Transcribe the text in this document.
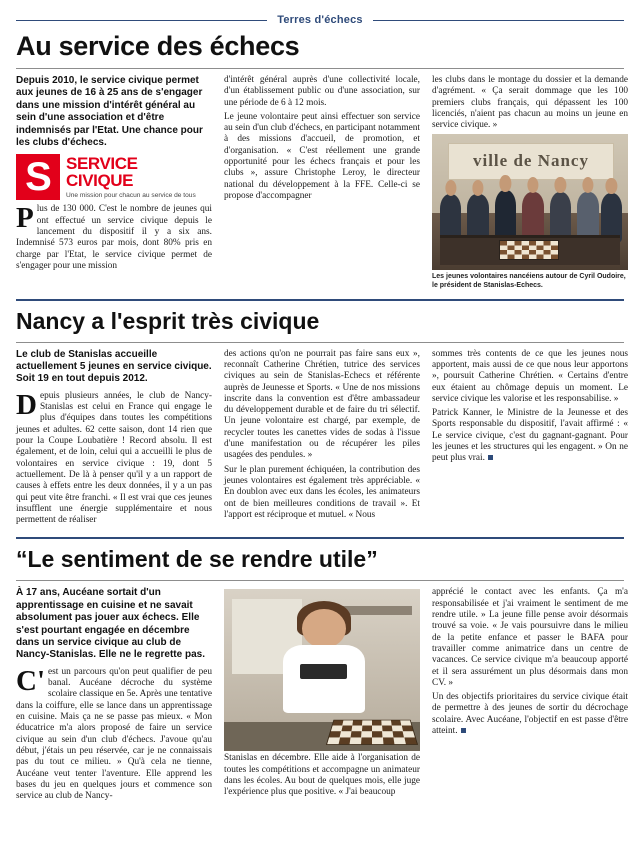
Terres d'échecs
Au service des échecs

Depuis 2010, le service civique permet aux jeunes de 16 à 25 ans de s'engager dans une mission d'intérêt général au sein d'une association et d'être indemnisés par l'Etat. Une chance pour les clubs d'échecs.

S SERVICE
CIVIQUE
Une mission pour chacun au service de tous

Plus de 130 000. C'est le nombre de jeunes qui ont effectué un service civique depuis le lancement du dispositif il y a six ans. Indemnisé 573 euros par mois, dont 80% pris en charge par l'Etat, le service civique permet de s'engager pour une mission

d'intérêt général auprès d'une collectivité locale, d'un établissement public ou d'une association, sur une période de 6 à 12 mois.

Le jeune volontaire peut ainsi effectuer son service au sein d'un club d'échecs, en participant notamment à des missions d'accueil, de promotion, et d'organisation. « C'est réellement une grande opportunité pour les échecs français et pour les clubs », assure Christophe Leroy, le directeur national du développement à la FFE. Celle-ci se propose d'accompagner

les clubs dans le montage du dossier et la demande d'agrément. « Ça serait dommage que les 100 premiers clubs français, qui dépassent les 100 licenciés, n'aient pas chacun au moins un jeune en service civique. »

ville de Nancy
Les jeunes volontaires nancéiens autour de Cyril Oudoire, le président de Stanislas-Echecs.
Nancy a l'esprit très civique

Le club de Stanislas accueille actuellement 5 jeunes en service civique. Soit 19 en tout depuis 2012.

Depuis plusieurs années, le club de Nancy-Stanislas est celui en France qui engage le plus d'équipes dans toutes les compétitions jeunes et adultes. 62 cette saison, dont 14 rien que pour la Coupe Loubatière ! Record absolu. Il est également, et de loin, celui qui a accueilli le plus de volontaires en service civique : 19, dont 5 actuellement. De là à penser qu'il y a un rapport de causes à effets entre les deux données, il y a un pas qui peut vite être franchi. « Il est vrai que ces jeunes insufflent une énergie supplémentaire et nous permettent de réaliser

des actions qu'on ne pourrait pas faire sans eux », reconnaît Catherine Chrétien, tutrice des services civiques au sein de Stanislas-Echecs et référente auprès de Jeunesse et Sports. « Une de nos missions inscrite dans la convention est d'être ambassadeur du développement durable et de faire du tri sélectif. Un jeune volontaire est chargé, par exemple, de recycler toutes les canettes vides de sodas à l'issue d'une manifestation ou de récupérer les piles usagées des pendules. »

Sur le plan purement échiquéen, la contribution des jeunes volontaires est également très appréciable. « En doublon avec eux dans les écoles, les animateurs ont de bien meilleures conditions de travail ». Et l'apport est réciproque et mutuel. « Nous

sommes très contents de ce que les jeunes nous apportent, mais aussi de ce que nous leur apportons », poursuit Catherine Chrétien. « Certains d'entre eux étaient au chômage depuis un moment. Le service civique les valorise et les responsabilise. »

Patrick Kanner, le Ministre de la Jeunesse et des Sports responsable du dispositif, l'avait affirmé : « Le service civique, c'est du gagnant-gagnant. Pour les jeunes et les structures qui les engagent. » On ne peut plus vrai.

“Le sentiment de se rendre utile”

À 17 ans, Aucéane sortait d'un apprentissage en cuisine et ne savait absolument pas jouer aux échecs. Elle s'est pourtant engagée en décembre dans un service civique au club de Nancy-Stanislas. Elle ne le regrette pas.

C'est un parcours qu'on peut qualifier de peu banal. Aucéane décroche du système scolaire classique en 5e. Après une tentative dans la coiffure, elle se lance dans un apprentissage en cuisine. Mais ça ne se passe pas mieux. « Mon éducatrice m'a alors proposé de faire un service civique au sein d'un club d'échecs. J'avoue qu'au début, j'étais un peu réservée, car je ne connaissais pas du tout ce milieu. » Qu'à cela ne tienne, Aucéane veut tenter l'aventure. Elle apprend les bases du jeu en quelques jours et commence son service au club de Nancy-

Stanislas en décembre. Elle aide à l'organisation de toutes les compétitions et accompagne un animateur dans les écoles. Au bout de quelques mois, elle juge l'expérience plus que positive. « J'ai beaucoup

apprécié le contact avec les enfants. Ça m'a responsabilisée et j'ai vraiment le sentiment de me rendre utile. » La jeune fille pense avoir désormais trouvé sa voie. « Je vais poursuivre dans le milieu de la petite enfance et passer le BAFA pour travailler comme animatrice dans un centre de vacances. Ce service civique m'a beaucoup apporté et il sera assurément un plus désormais dans mon CV. »

Un des objectifs prioritaires du service civique était de permettre à des jeunes de sortir du décrochage scolaire. Avec Aucéane, l'objectif en est passe d'être atteint.
